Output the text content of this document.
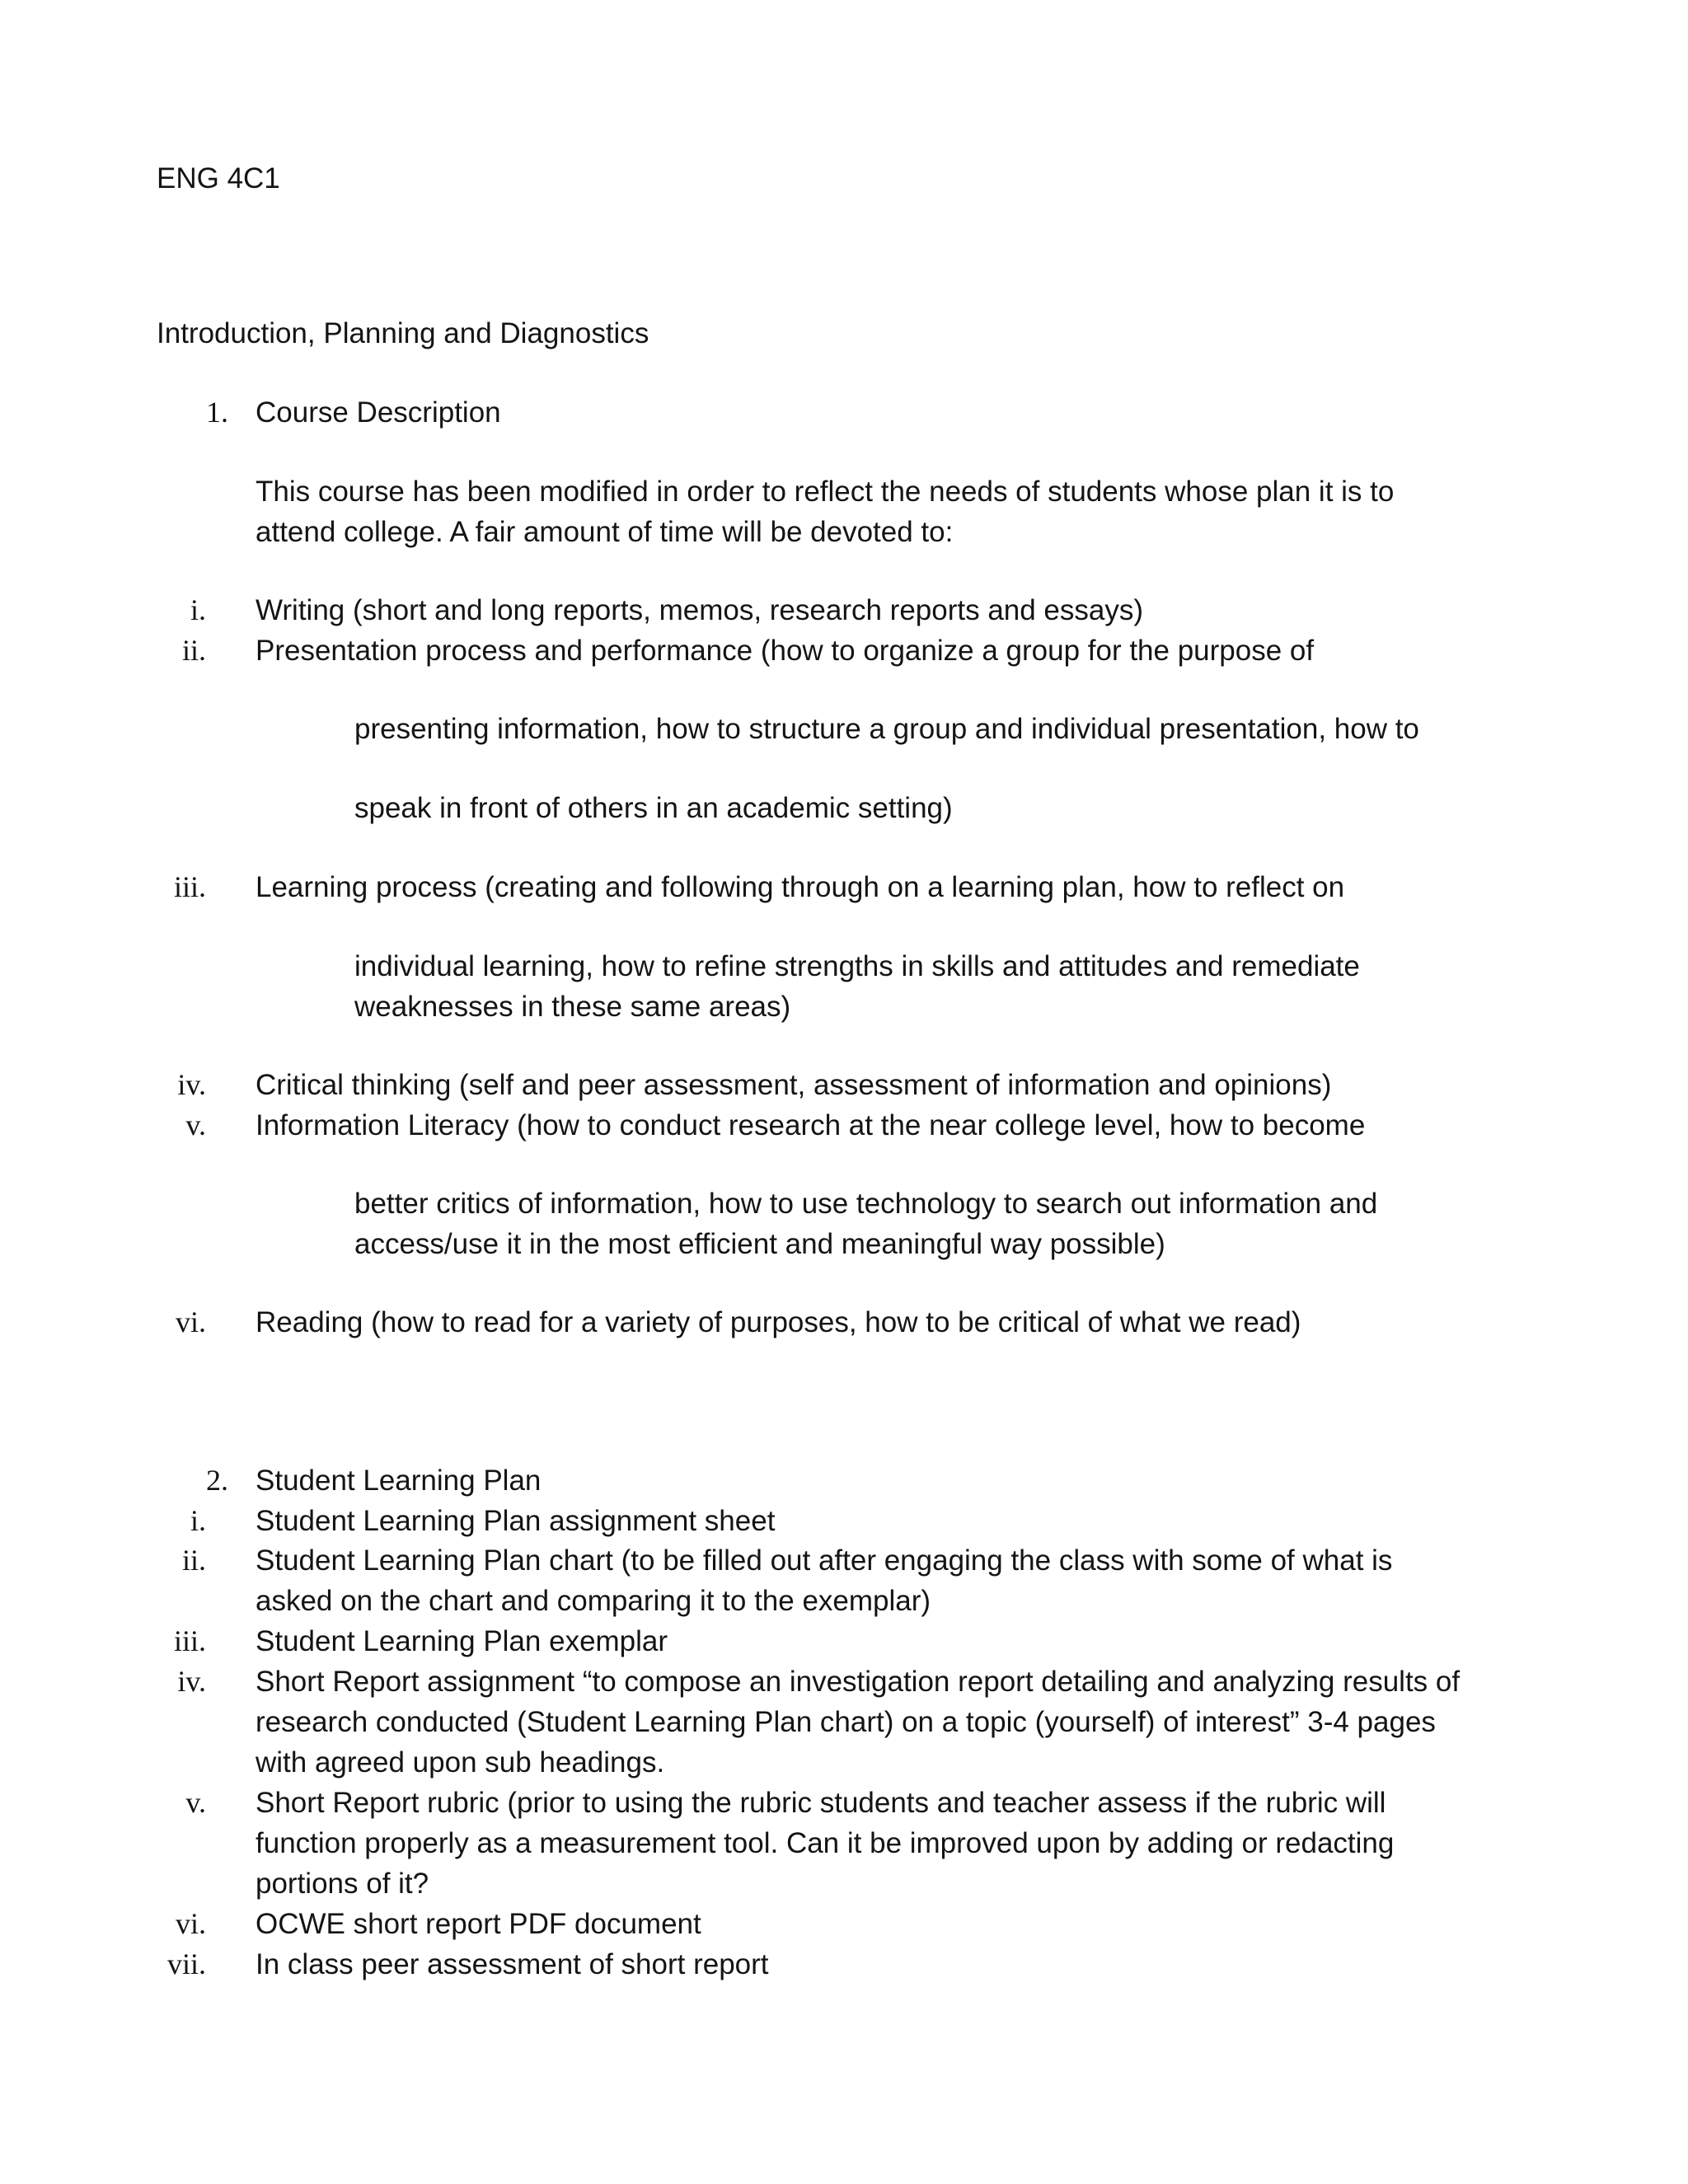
ENG 4C1
Introduction, Planning and Diagnostics
1. Course Description
This course has been modified in order to reflect the needs of students whose plan it is to
attend college. A fair amount of time will be devoted to:
i. Writing (short and long reports, memos, research reports and essays)
ii. Presentation process and performance (how to organize a group for the purpose of
presenting information, how to structure a group and individual presentation, how to
speak in front of others in an academic setting)
iii. Learning process (creating and following through on a learning plan, how to reflect on
individual learning, how to refine strengths in skills and attitudes and remediate
weaknesses in these same areas)
iv. Critical thinking (self and peer assessment, assessment of information and opinions)
v. Information Literacy (how to conduct research at the near college level, how to become
better critics of information, how to use technology to search out information and
access/use it in the most efficient and meaningful way possible)
vi. Reading (how to read for a variety of purposes, how to be critical of what we read)
2. Student Learning Plan
i. Student Learning Plan assignment sheet
ii. Student Learning Plan chart (to be filled out after engaging the class with some of what is
asked on the chart and comparing it to the exemplar)
iii. Student Learning Plan exemplar
iv. Short Report assignment “to compose an investigation report detailing and analyzing results of
research conducted (Student Learning Plan chart) on a topic (yourself) of interest” 3-4 pages
with agreed upon sub headings.
v. Short Report rubric (prior to using the rubric students and teacher assess if the rubric will
function properly as a measurement tool. Can it be improved upon by adding or redacting
portions of it?
vi. OCWE short report PDF document
vii. In class peer assessment of short report
